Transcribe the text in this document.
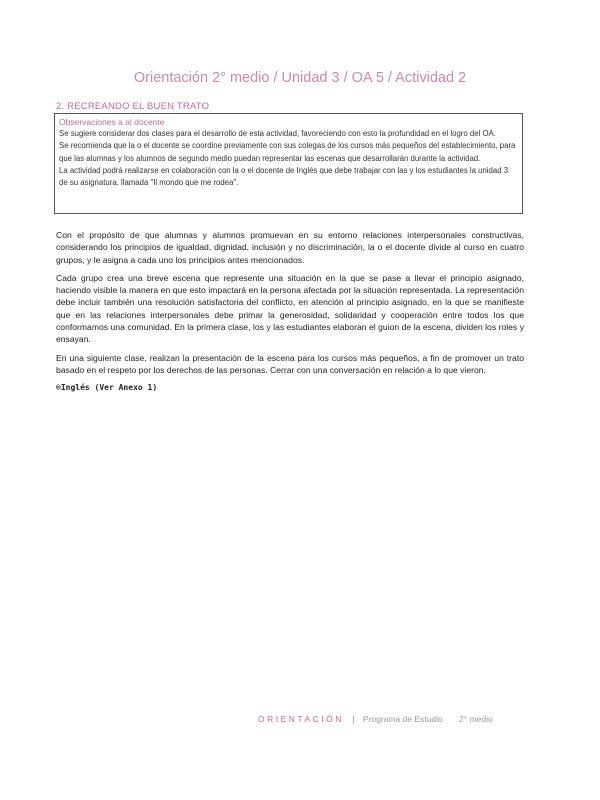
Orientación 2° medio / Unidad 3 / OA 5 / Actividad 2
2. RECREANDO EL BUEN TRATO
Observaciones a al docente

Se sugiere considerar dos clases para el desarrollo de esta actividad, favoreciendo con esto la profundidad en el logro del OA.

Se recomienda que la o el docente se coordine previamente con sus colegas de los cursos más pequeños del establecimiento, para que las alumnas y los alumnos de segundo medio puedan representar las escenas que desarrollarán durante la actividad.

La actividad podrá realizarse en colaboración con la o el docente de Inglés que debe trabajar con las y los estudiantes la unidad 3 de su asignatura, llamada "Il mondo que me rodea".

Con el propósito de que alumnas y alumnos promuevan en su entorno relaciones interpersonales constructivas, considerando los principios de igualdad, dignidad, inclusión y no discriminación, la o el docente divide al curso en cuatro grupos, y le asigna a cada uno los principios antes mencionados.

Cada grupo crea una breve escena que represente una situación en la que se pase a llevar el principio asignado, haciendo visible la manera en que esto impactará en la persona afectada por la situación representada. La representación debe incluir también una resolución satisfactoria del conflicto, en atención al principio asignado, en la que se manifieste que en las relaciones interpersonales debe primar la generosidad, solidaridad y cooperación entre todos los que conformamos una comunidad. En la primera clase, los y las estudiantes elaboran el guion de la escena, dividen los roles y ensayan.

En una siguiente clase, realizan la presentación de la escena para los cursos más pequeños, a fin de promover un trato basado en el respeto por los derechos de las personas. Cerrar con una conversación en relación a lo que vieron.

®Inglés (Ver Anexo 1)

ORIENTACIÓN | Programa de Estudio 2° medio
